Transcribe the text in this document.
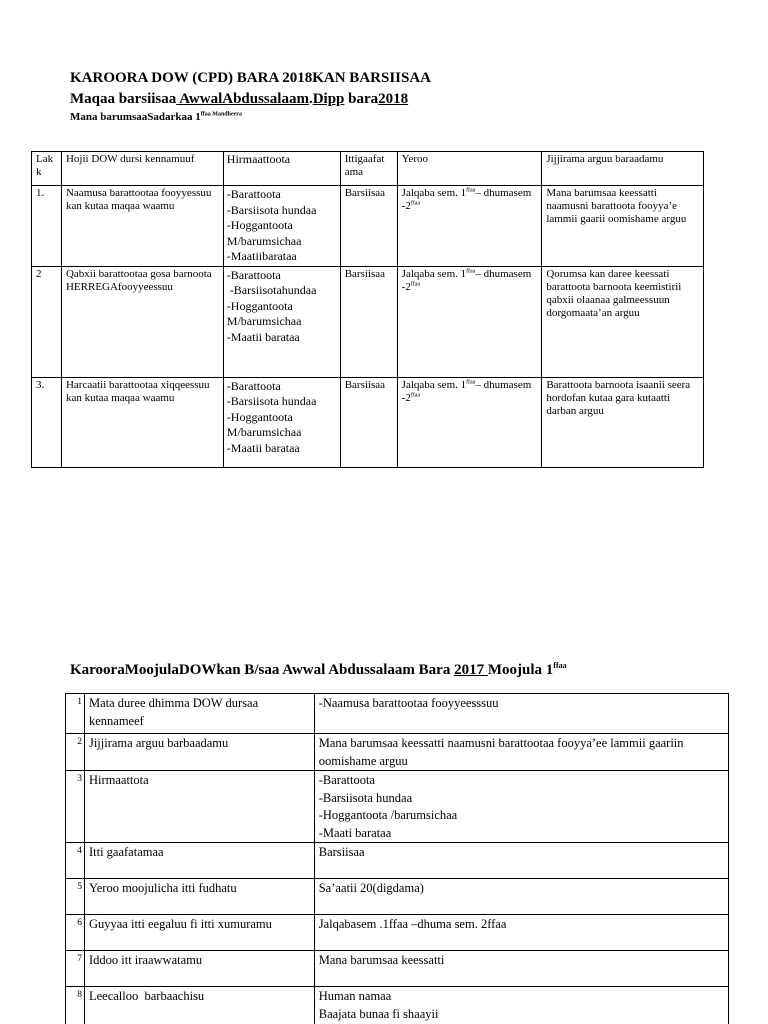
KAROORA DOW (CPD) BARA 2018KAN BARSIISAA
Maqaa barsiisaa AwwalAbdussalaam.Dipp bara2018
Mana barumsaaSadarkaa $1^{ffaa}$ $^{Mandheera}$
Lak k	Hojii DOW dursi kennamuuf	Hirmaattoota	Ittigaafat ama	Yeroo	Jijjirama arguu baraadamu
1.	Naamusa barattootaa fooyyessuu kan kutaa maqaa waamu	-Barattoota
-Barsiisota hundaa
-Hoggantoota
M/barumsichaa
-Maatiibarataa	Barsiisaa	Jalqaba sem. $1^{ffaa}-$ dhumasem $-2^{ffaa}$	Mana barumsaa keessatti naamusni barattoota fooyya’e lammii gaarii oomishame arguu
2	Qabxii barattootaa gosa barnoota HERREGAfooyyeessuu	-Barattoota
-Barsiisotahundaa
-Hoggantoota
M/barumsichaa
-Maatii barataa	Barsiisaa	Jalqaba sem. $1^{ffaa}-$ dhumasem $-2^{ffaa}$	Qorumsa kan daree keessati barattoota barnoota keemistirii qabxii olaanaa galmeessuun dorgomaata’an arguu
3.	Harcaatii barattootaa xiqqeessuu kan kutaa maqaa waamu	-Barattoota
-Barsiisota hundaa
-Hoggantoota
M/barumsichaa
-Maatii barataa	Barsiisaa	Jalqaba sem. $1^{ffaa}-$ dhumasem $-2^{ffaa}$	Barattoota barnoota isaanii seera hordofan kutaa gara kutaatti darban arguu
KarooraMoojulaDOWkan B/saa Awwal Abdussalaam Bara 2017 Moojula $1^{ffaa}$
1	Mata duree dhimma DOW dursaa kennameef	-Naamusa barattootaa fooyyeesssuu

2	Jijjirama arguu barbaadamu	Mana barumsaa keessatti naamusni barattootaa fooyya’ee lammii gaariin oomishame arguu

3	Hirmaattota	-Barattoota
-Barsiisota hundaa
-Hoggantoota /barumsichaa
-Maati barataa

4	Itti gaafatamaa	Barsiisaa

5	Yeroo moojulicha itti fudhatu	Sa’aatii 20(digdama)

6	Guyyaa itti eegaluu fi itti xumuramu	Jalqabasem .1ffaa –dhuma sem. 2ffaa

7	Iddoo itt iraawwatamu	Mana barumsaa keessatti

8	Leecalloo  barbaachisu	Human namaa
Baajata bunaa fi shaayii
